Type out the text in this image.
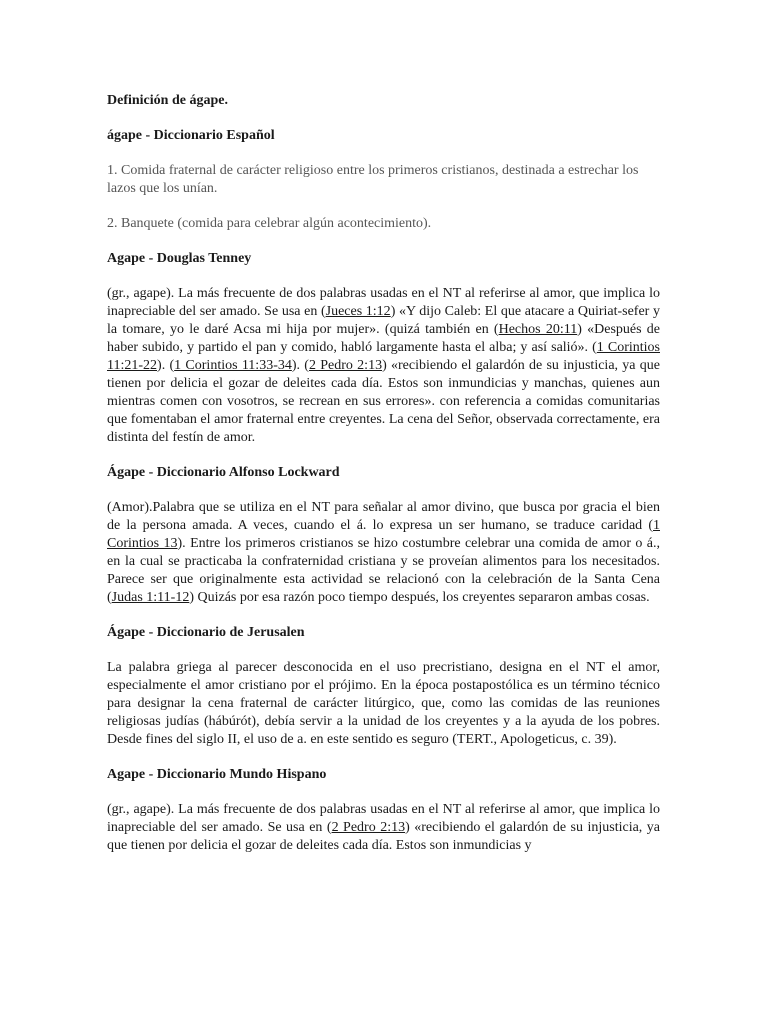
Definición de ágape.
ágape - Diccionario Español

1. Comida fraternal de carácter religioso entre los primeros cristianos, destinada a estrechar los lazos que los unían.

2. Banquete (comida para celebrar algún acontecimiento).

Agape - Douglas Tenney

(gr., agape). La más frecuente de dos palabras usadas en el NT al referirse al amor, que implica lo inapreciable del ser amado. Se usa en (Jueces 1:12) «Y dijo Caleb: El que atacare a Quiriat-sefer y la tomare, yo le daré Acsa mi hija por mujer». (quizá también en (Hechos 20:11) «Después de haber subido, y partido el pan y comido, habló largamente hasta el alba; y así salió». (1 Corintios 11:21-22). (1 Corintios 11:33-34). (2 Pedro 2:13) «recibiendo el galardón de su injusticia, ya que tienen por delicia el gozar de deleites cada día. Estos son inmundicias y manchas, quienes aun mientras comen con vosotros, se recrean en sus errores». con referencia a comidas comunitarias que fomentaban el amor fraternal entre creyentes. La cena del Señor, observada correctamente, era distinta del festín de amor.

Ágape - Diccionario Alfonso Lockward

(Amor).Palabra que se utiliza en el NT para señalar al amor divino, que busca por gracia el bien de la persona amada. A veces, cuando el á. lo expresa un ser humano, se traduce caridad (1 Corintios 13). Entre los primeros cristianos se hizo costumbre celebrar una comida de amor o á., en la cual se practicaba la confraternidad cristiana y se proveían alimentos para los necesitados. Parece ser que originalmente esta actividad se relacionó con la celebración de la Santa Cena (Judas 1:11-12) Quizás por esa razón poco tiempo después, los creyentes separaron ambas cosas.

Ágape - Diccionario de Jerusalen

La palabra griega al parecer desconocida en el uso precristiano, designa en el NT el amor, especialmente el amor cristiano por el prójimo. En la época postapostólica es un término técnico para designar la cena fraternal de carácter litúrgico, que, como las comidas de las reuniones religiosas judías (hábúrót), debía servir a la unidad de los creyentes y a la ayuda de los pobres. Desde fines del siglo II, el uso de a. en este sentido es seguro (TERT., Apologeticus, c. 39).

Agape - Diccionario Mundo Hispano

(gr., agape). La más frecuente de dos palabras usadas en el NT al referirse al amor, que implica lo inapreciable del ser amado. Se usa en (2 Pedro 2:13) «recibiendo el galardón de su injusticia, ya que tienen por delicia el gozar de deleites cada día. Estos son inmundicias y
